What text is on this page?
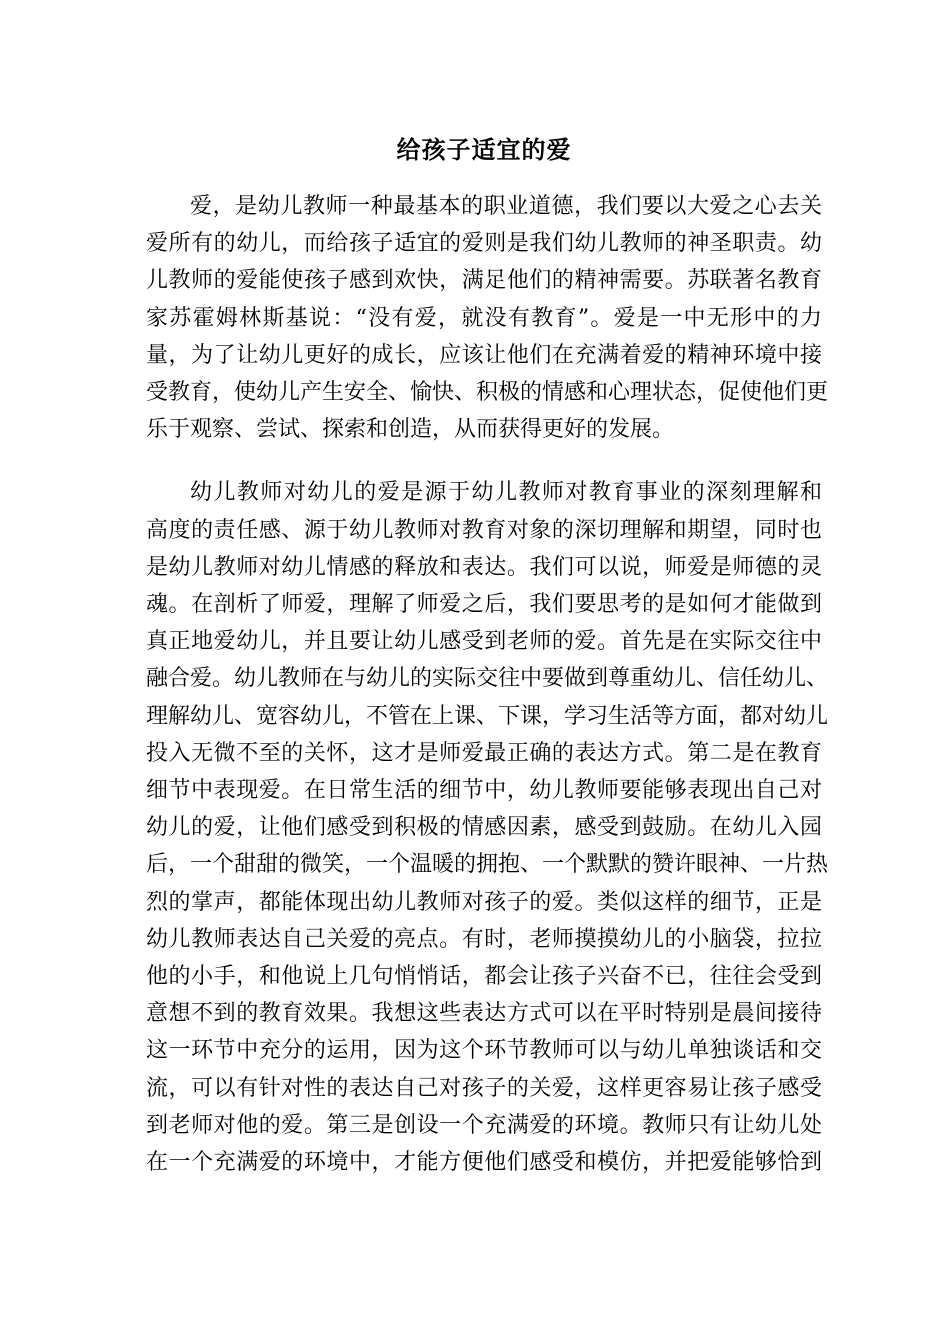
给孩子适宜的爱

爱，是幼儿教师一种最基本的职业道德，我们要以大爱之心去关
爱所有的幼儿，而给孩子适宜的爱则是我们幼儿教师的神圣职责。幼
儿教师的爱能使孩子感到欢快，满足他们的精神需要。苏联著名教育
家苏霍姆林斯基说：“没有爱，就没有教育”。爱是一中无形中的力
量，为了让幼儿更好的成长，应该让他们在充满着爱的精神环境中接
受教育，使幼儿产生安全、愉快、积极的情感和心理状态，促使他们更
乐于观察、尝试、探索和创造，从而获得更好的发展。

幼儿教师对幼儿的爱是源于幼儿教师对教育事业的深刻理解和
高度的责任感、源于幼儿教师对教育对象的深切理解和期望，同时也
是幼儿教师对幼儿情感的释放和表达。我们可以说，师爱是师德的灵
魂。在剖析了师爱，理解了师爱之后，我们要思考的是如何才能做到
真正地爱幼儿，并且要让幼儿感受到老师的爱。首先是在实际交往中
融合爱。幼儿教师在与幼儿的实际交往中要做到尊重幼儿、信任幼儿、
理解幼儿、宽容幼儿，不管在上课、下课，学习生活等方面，都对幼儿
投入无微不至的关怀，这才是师爱最正确的表达方式。第二是在教育
细节中表现爱。在日常生活的细节中，幼儿教师要能够表现出自己对
幼儿的爱，让他们感受到积极的情感因素，感受到鼓励。在幼儿入园
后，一个甜甜的微笑，一个温暖的拥抱、一个默默的赞许眼神、一片热
烈的掌声，都能体现出幼儿教师对孩子的爱。类似这样的细节，正是
幼儿教师表达自己关爱的亮点。有时，老师摸摸幼儿的小脑袋，拉拉
他的小手，和他说上几句悄悄话，都会让孩子兴奋不已，往往会受到
意想不到的教育效果。我想这些表达方式可以在平时特别是晨间接待
这一环节中充分的运用，因为这个环节教师可以与幼儿单独谈话和交
流，可以有针对性的表达自己对孩子的关爱，这样更容易让孩子感受
到老师对他的爱。第三是创设一个充满爱的环境。教师只有让幼儿处
在一个充满爱的环境中，才能方便他们感受和模仿，并把爱能够恰到
